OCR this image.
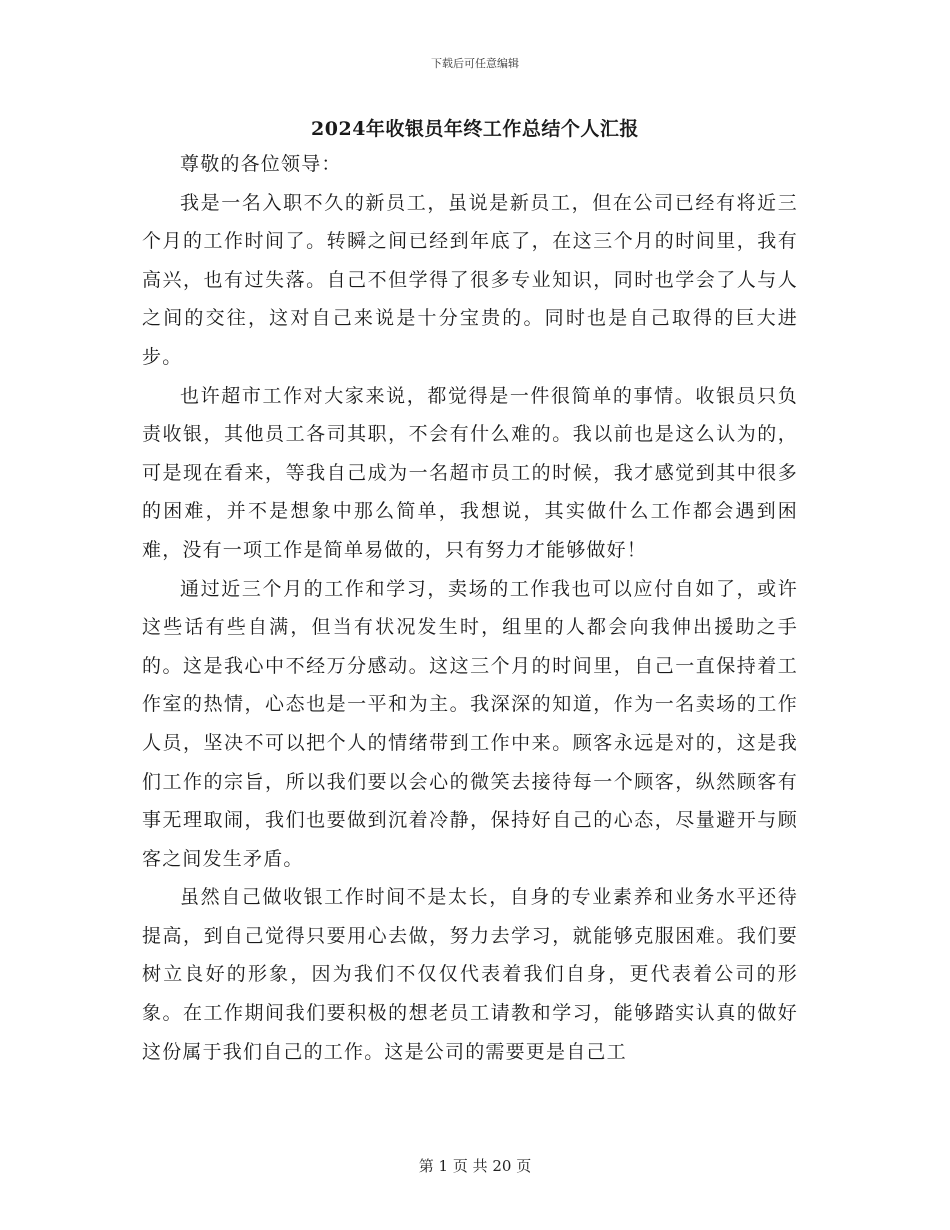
下载后可任意编辑
2024年收银员年终工作总结个人汇报

尊敬的各位领导：

我是一名入职不久的新员工，虽说是新员工，但在公司已经有将近三个月的工作时间了。转瞬之间已经到年底了，在这三个月的时间里，我有高兴，也有过失落。自己不但学得了很多专业知识，同时也学会了人与人之间的交往，这对自己来说是十分宝贵的。同时也是自己取得的巨大进步。

也许超市工作对大家来说，都觉得是一件很简单的事情。收银员只负责收银，其他员工各司其职，不会有什么难的。我以前也是这么认为的，可是现在看来，等我自己成为一名超市员工的时候，我才感觉到其中很多的困难，并不是想象中那么简单，我想说，其实做什么工作都会遇到困难，没有一项工作是简单易做的，只有努力才能够做好！

通过近三个月的工作和学习，卖场的工作我也可以应付自如了，或许这些话有些自满，但当有状况发生时，组里的人都会向我伸出援助之手的。这是我心中不经万分感动。这这三个月的时间里，自己一直保持着工作室的热情，心态也是一平和为主。我深深的知道，作为一名卖场的工作人员，坚决不可以把个人的情绪带到工作中来。顾客永远是对的，这是我们工作的宗旨，所以我们要以会心的微笑去接待每一个顾客，纵然顾客有事无理取闹，我们也要做到沉着冷静，保持好自己的心态，尽量避开与顾客之间发生矛盾。

虽然自己做收银工作时间不是太长，自身的专业素养和业务水平还待提高，到自己觉得只要用心去做，努力去学习，就能够克服困难。我们要树立良好的形象，因为我们不仅仅代表着我们自身，更代表着公司的形象。在工作期间我们要积极的想老员工请教和学习，能够踏实认真的做好这份属于我们自己的工作。这是公司的需要更是自己工

第 1 页 共 20 页
